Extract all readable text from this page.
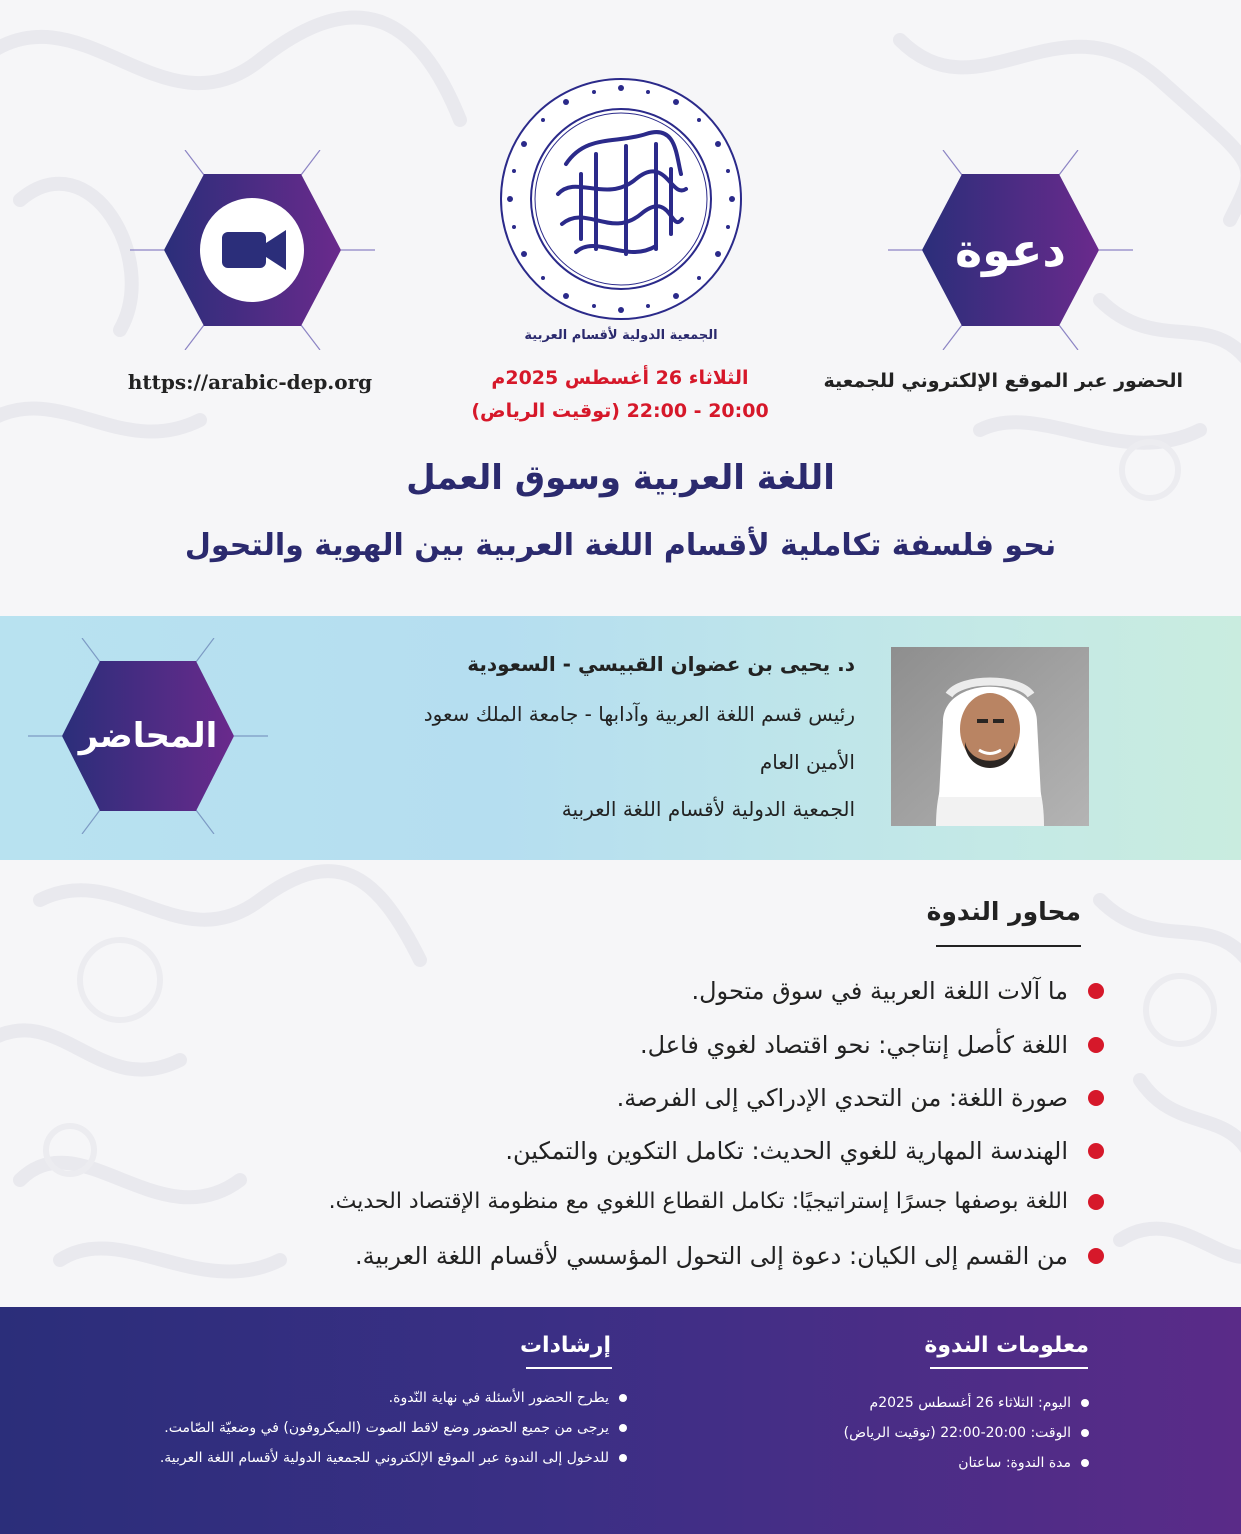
دعوة
الجمعية الدولية لأقسام العربية
الثلاثاء 26 أغسطس 2025م
20:00 - 22:00 (توقيت الرياض)
https://arabic-dep.org	الحضور عبر الموقع الإلكتروني للجمعية
اللغة العربية وسوق العمل
نحو فلسفة تكاملية لأقسام اللغة العربية بين الهوية والتحول
المحاضر
د. يحيى بن عضوان القبيسي - السعودية
رئيس قسم اللغة العربية وآدابها - جامعة الملك سعود
الأمين العام
الجمعية الدولية لأقسام اللغة العربية
محاور الندوة
ما آلات اللغة العربية في سوق متحول.
اللغة كأصل إنتاجي: نحو اقتصاد لغوي فاعل.
صورة اللغة: من التحدي الإدراكي إلى الفرصة.
الهندسة المهارية للغوي الحديث: تكامل التكوين والتمكين.
اللغة بوصفها جسرًا إستراتيجيًا: تكامل القطاع اللغوي مع منظومة الإقتصاد الحديث.
من القسم إلى الكيان: دعوة إلى التحول المؤسسي لأقسام اللغة العربية.
معلومات الندوة
اليوم: الثلاثاء 26 أغسطس 2025م
الوقت: 20:00-22:00 (توقيت الرياض)
مدة الندوة: ساعتان
إرشادات
يطرح الحضور الأسئلة في نهاية النّدوة.
يرجى من جميع الحضور وضع لاقط الصوت (الميكروفون) في وضعيّة الصّامت.
للدخول إلى الندوة عبر الموقع الإلكتروني للجمعية الدولية لأقسام اللغة العربية.
